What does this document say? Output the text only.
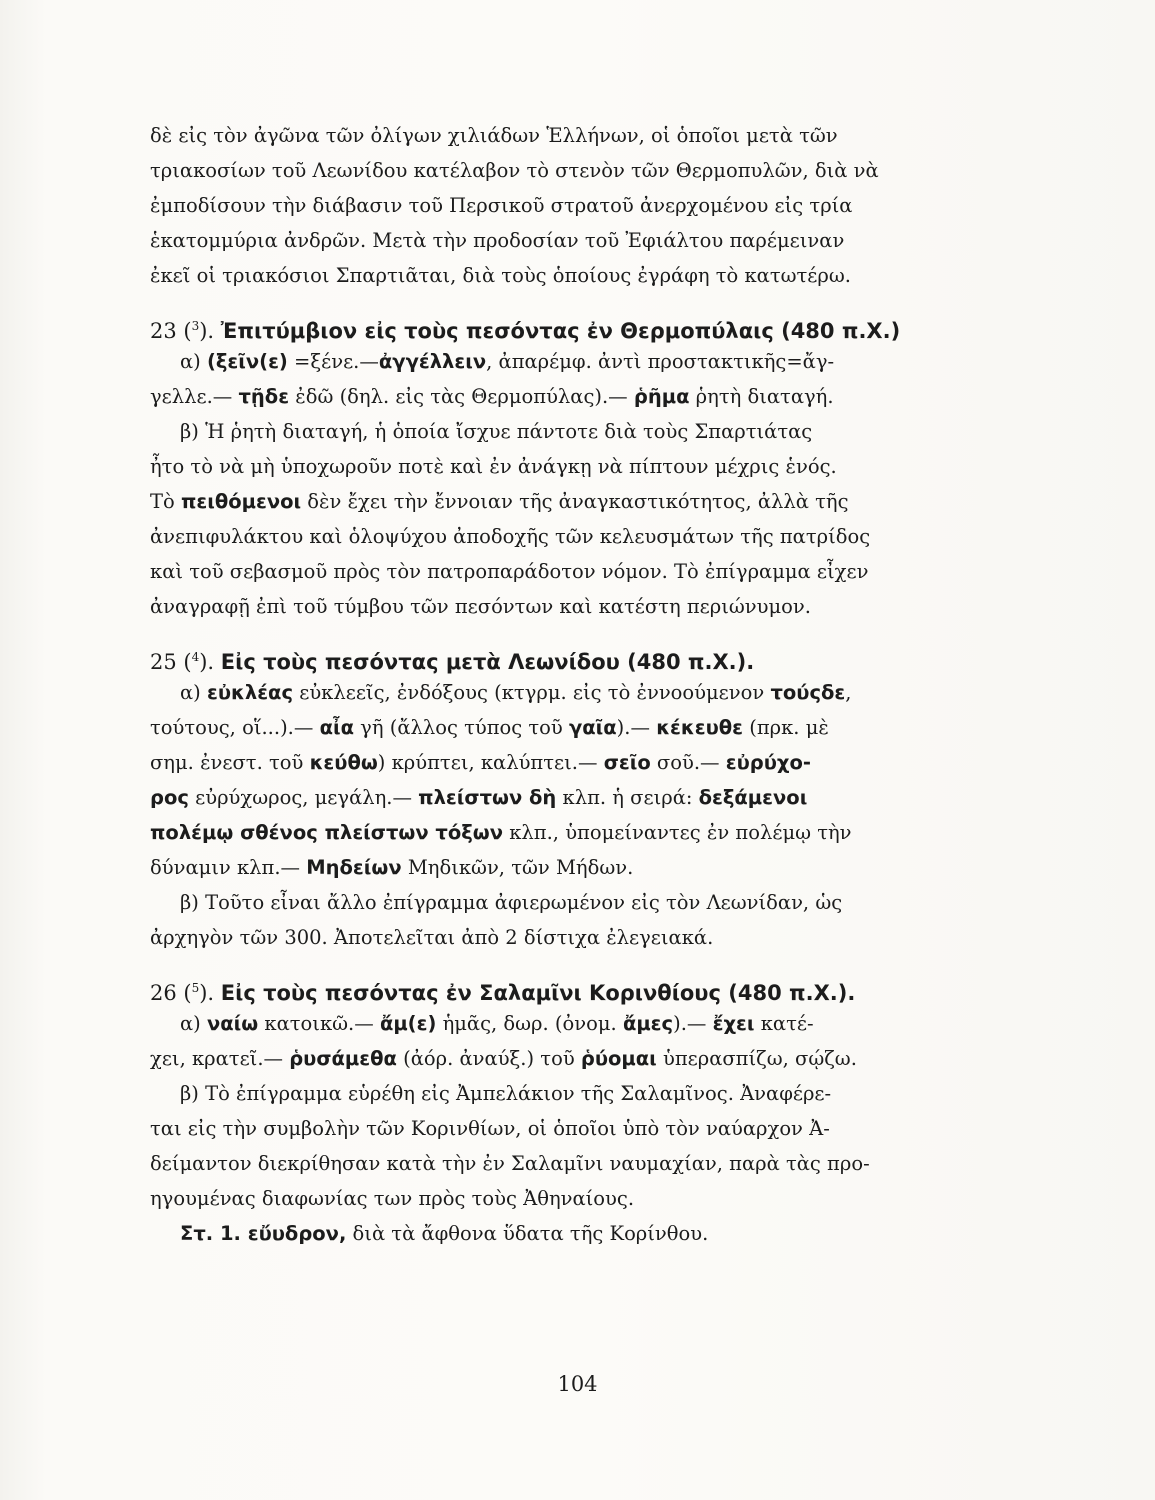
δὲ εἰς τὸν ἀγῶνα τῶν ὀλίγων χιλιάδων Ἑλλήνων, οἱ ὁποῖοι μετὰ τῶν
τριακοσίων τοῦ Λεωνίδου κατέλαβον τὸ στενὸν τῶν Θερμοπυλῶν, διὰ νὰ
ἐμποδίσουν τὴν διάβασιν τοῦ Περσικοῦ στρατοῦ ἀνερχομένου εἰς τρία
ἑκατομμύρια ἀνδρῶν. Μετὰ τὴν προδοσίαν τοῦ Ἐφιάλτου παρέμειναν
ἐκεῖ οἱ τριακόσιοι Σπαρτιᾶται, διὰ τοὺς ὁποίους ἐγράφη τὸ κατωτέρω.
23 ($^3$). Ἐπιτύμβιον εἰς τοὺς πεσόντας ἐν Θερμοπύλαις (480 π.Χ.)
α) (ξεῖν(ε) =ξένε.—ἀγγέλλειν, ἀπαρέμφ. ἀντὶ προστακτικῆς=ἄγ-
γελλε.— τῇδε ἐδῶ (δηλ. εἰς τὰς Θερμοπύλας).— ῥῆμα ῥητὴ διαταγή.
β) Ἡ ῥητὴ διαταγή, ἡ ὁποία ἴσχυε πάντοτε διὰ τοὺς Σπαρτιάτας
ἦτο τὸ νὰ μὴ ὑποχωροῦν ποτὲ καὶ ἐν ἀνάγκῃ νὰ πίπτουν μέχρις ἑνός.
Τὸ πειθόμενοι δὲν ἔχει τὴν ἔννοιαν τῆς ἀναγκαστικότητος, ἀλλὰ τῆς
ἀνεπιφυλάκτου καὶ ὁλοψύχου ἀποδοχῆς τῶν κελευσμάτων τῆς πατρίδος
καὶ τοῦ σεβασμοῦ πρὸς τὸν πατροπαράδοτον νόμον. Τὸ ἐπίγραμμα εἶχεν
ἀναγραφῇ ἐπὶ τοῦ τύμβου τῶν πεσόντων καὶ κατέστη περιώνυμον.
25 ($^4$). Εἰς τοὺς πεσόντας μετὰ Λεωνίδου (480 π.Χ.).
α) εὐκλέας εὐκλεεῖς, ἐνδόξους (κτγρμ. εἰς τὸ ἐννοούμενον τούςδε,
τούτους, οἵ...).— αἶα γῆ (ἄλλος τύπος τοῦ γαῖα).— κέκευθε (πρκ. μὲ
σημ. ἐνεστ. τοῦ κεύθω) κρύπτει, καλύπτει.— σεῖο σοῦ.— εὐρύχο-
ρος εὐρύχωρος, μεγάλη.— πλείστων δὴ κλπ. ἡ σειρά: δεξάμενοι
πολέμῳ σθένος πλείστων τόξων κλπ., ὑπομείναντες ἐν πολέμῳ τὴν
δύναμιν κλπ.— Μηδείων Μηδικῶν, τῶν Μήδων.
β) Τοῦτο εἶναι ἄλλο ἐπίγραμμα ἀφιερωμένον εἰς τὸν Λεωνίδαν, ὡς
ἀρχηγὸν τῶν 300. Ἀποτελεῖται ἀπὸ 2 δίστιχα ἐλεγειακά.
26 ($^5$). Εἰς τοὺς πεσόντας ἐν Σαλαμῖνι Κορινθίους (480 π.Χ.).
α) ναίω κατοικῶ.— ἄμ(ε) ἡμᾶς, δωρ. (ὀνομ. ἄμες).— ἔχει κατέ-
χει, κρατεῖ.— ῥυσάμεθα (ἀόρ. ἀναύξ.) τοῦ ῥύομαι ὑπερασπίζω, σῴζω.
β) Τὸ ἐπίγραμμα εὑρέθη εἰς Ἀμπελάκιον τῆς Σαλαμῖνος. Ἀναφέρε-
ται εἰς τὴν συμβολὴν τῶν Κορινθίων, οἱ ὁποῖοι ὑπὸ τὸν ναύαρχον Ἀ-
δείμαντον διεκρίθησαν κατὰ τὴν ἐν Σαλαμῖνι ναυμαχίαν, παρὰ τὰς προ-
ηγουμένας διαφωνίας των πρὸς τοὺς Ἀθηναίους.
Στ. 1. εὔυδρον, διὰ τὰ ἄφθονα ὕδατα τῆς Κορίνθου.
104
